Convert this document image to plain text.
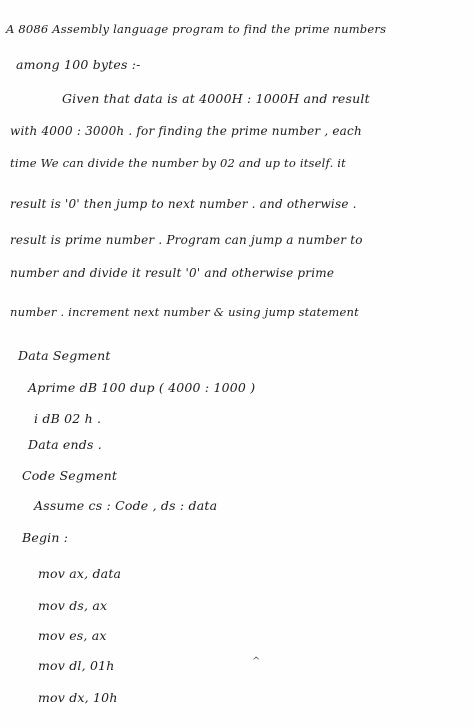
A 8086 Assembly language program to find the prime numbers
among 100 bytes :-
Given that data is at 4000H : 1000H and result
with 4000 : 3000h . for finding the prime number , each
time We can divide the number by 02 and up to itself. it
result is '0' then jump to next number . and otherwise .
result is prime number . Program can jump a number to
number and divide it result '0' and otherwise prime
number . increment next number & using jump statement
Data Segment
Aprime dB 100 dup ( 4000 : 1000 )
i dB 02 h .
Data ends .
Code Segment
Assume cs : Code , ds : data
Begin :
mov ax, data
mov ds, ax
mov es, ax
mov dl, 01h
mov dx, 10h
^
